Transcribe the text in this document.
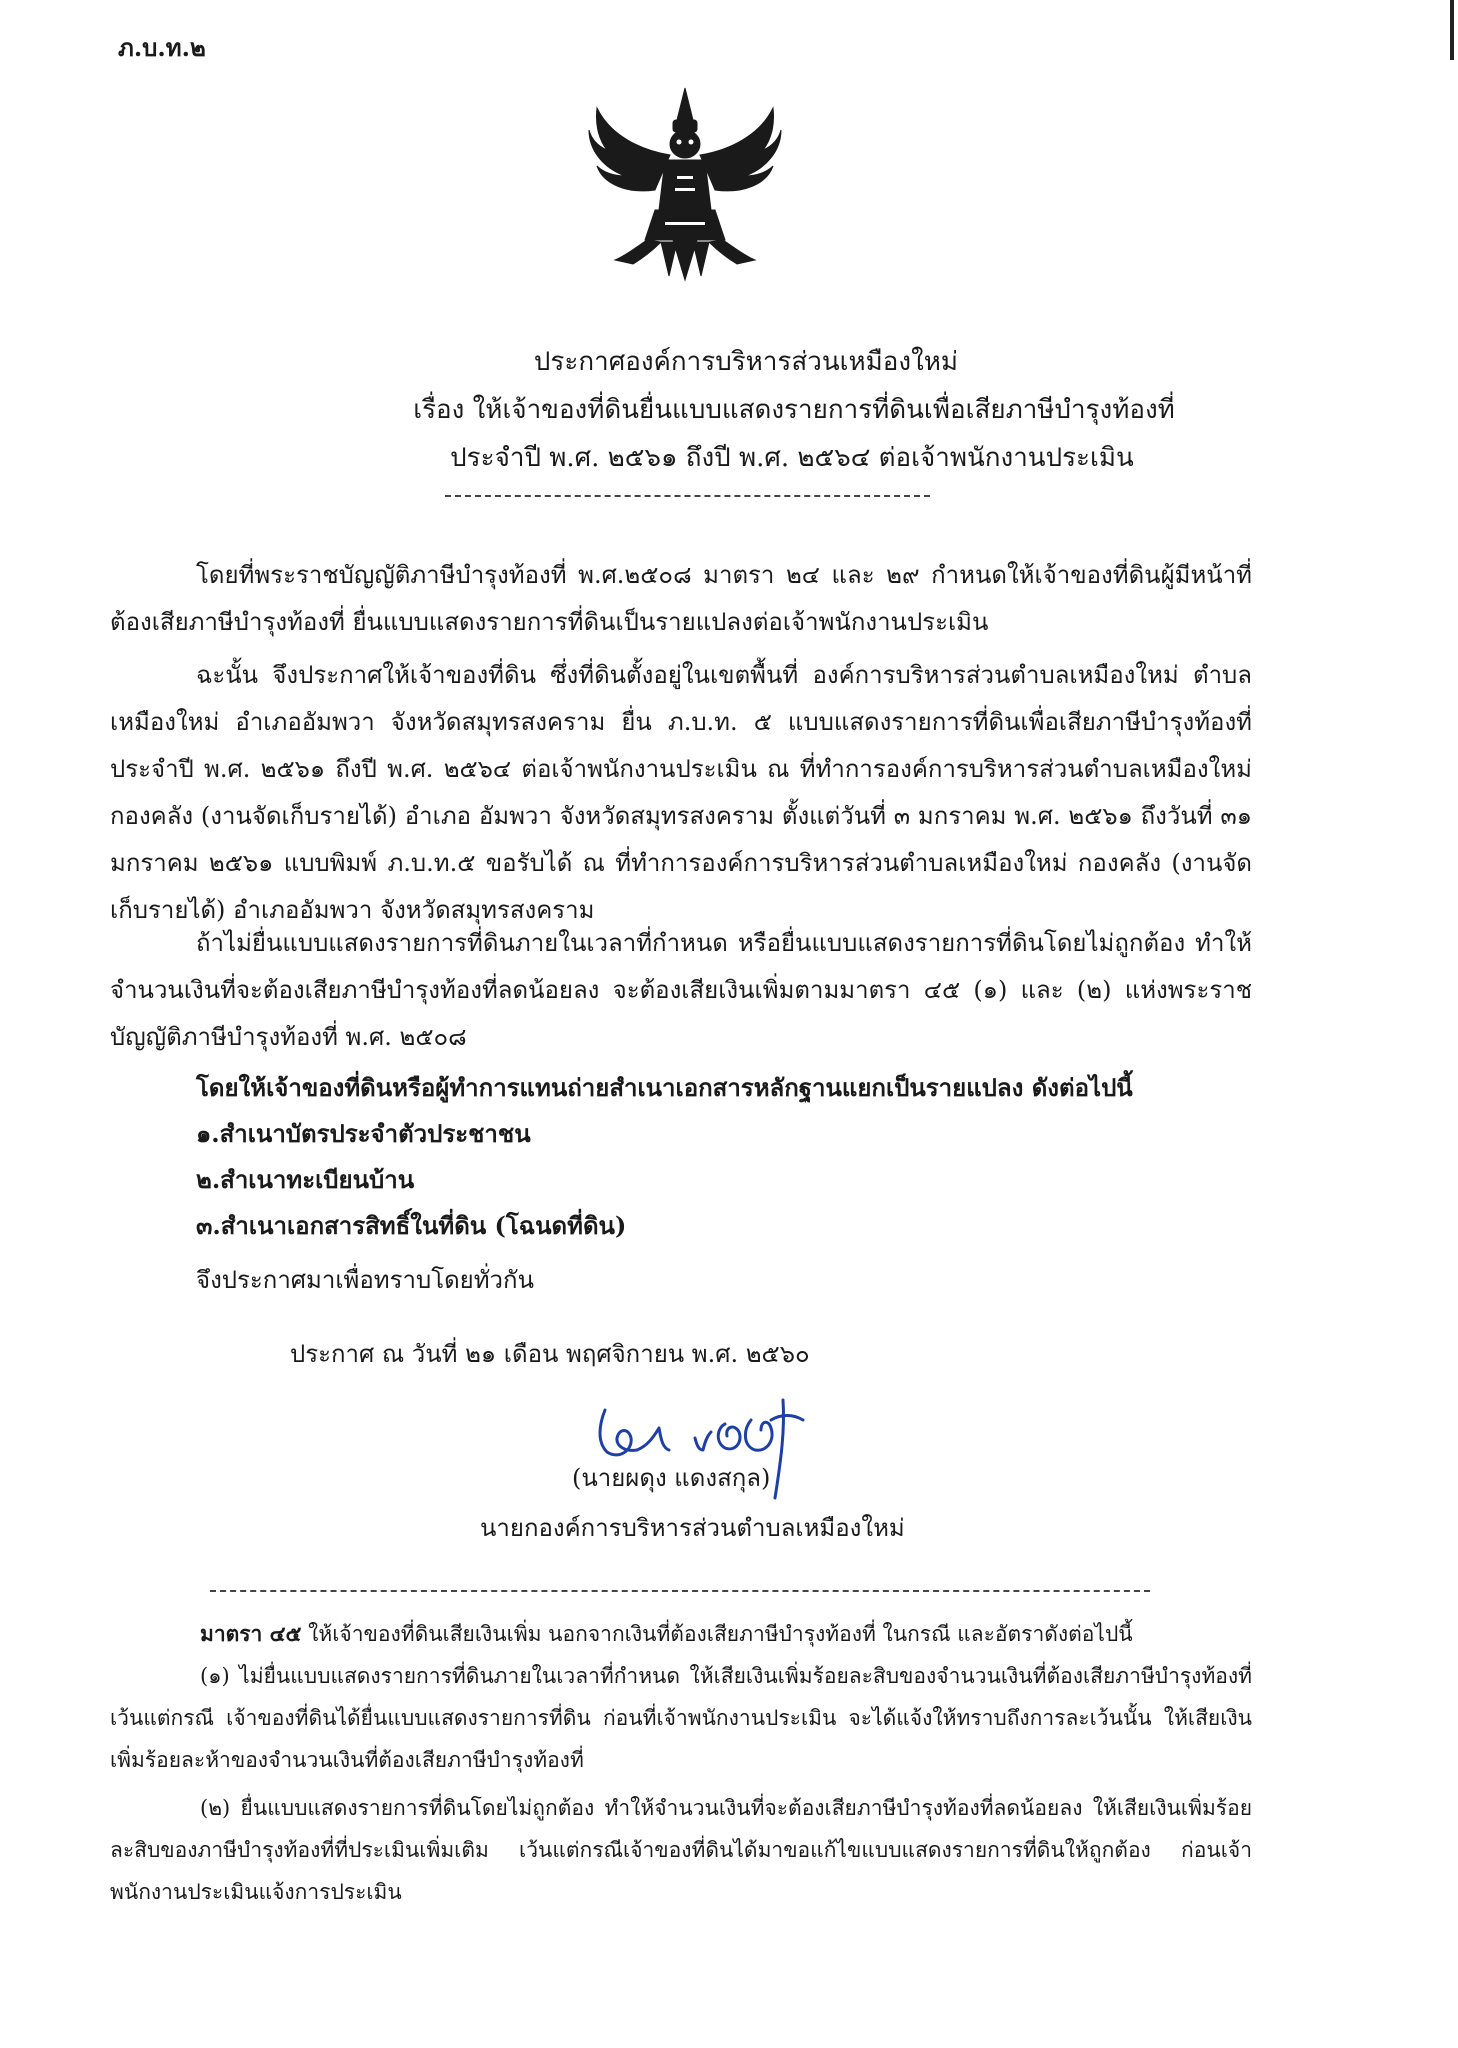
ภ.บ.ท.๒

ประกาศองค์การบริหารส่วนเหมืองใหม่

เรื่อง ให้เจ้าของที่ดินยื่นแบบแสดงรายการที่ดินเพื่อเสียภาษีบำรุงท้องที่

ประจำปี พ.ศ. ๒๕๖๑ ถึงปี พ.ศ. ๒๕๖๔ ต่อเจ้าพนักงานประเมิน

โดยที่พระราชบัญญัติภาษีบำรุงท้องที่ พ.ศ.๒๕๐๘ มาตรา ๒๔ และ ๒๙ กำหนดให้เจ้าของที่ดินผู้มีหน้าที่ต้องเสียภาษีบำรุงท้องที่ ยื่นแบบแสดงรายการที่ดินเป็นรายแปลงต่อเจ้าพนักงานประเมิน

ฉะนั้น จึงประกาศให้เจ้าของที่ดิน ซึ่งที่ดินตั้งอยู่ในเขตพื้นที่ องค์การบริหารส่วนตำบลเหมืองใหม่ ตำบลเหมืองใหม่ อำเภออัมพวา จังหวัดสมุทรสงคราม ยื่น ภ.บ.ท. ๕ แบบแสดงรายการที่ดินเพื่อเสียภาษีบำรุงท้องที่ ประจำปี พ.ศ. ๒๕๖๑ ถึงปี พ.ศ. ๒๕๖๔ ต่อเจ้าพนักงานประเมิน ณ ที่ทำการองค์การบริหารส่วนตำบลเหมืองใหม่ กองคลัง (งานจัดเก็บรายได้) อำเภอ อัมพวา จังหวัดสมุทรสงคราม ตั้งแต่วันที่ ๓ มกราคม พ.ศ. ๒๕๖๑ ถึงวันที่ ๓๑ มกราคม ๒๕๖๑ แบบพิมพ์ ภ.บ.ท.๕ ขอรับได้ ณ ที่ทำการองค์การบริหารส่วนตำบลเหมืองใหม่ กองคลัง (งานจัดเก็บรายได้) อำเภออัมพวา จังหวัดสมุทรสงคราม

ถ้าไม่ยื่นแบบแสดงรายการที่ดินภายในเวลาที่กำหนด หรือยื่นแบบแสดงรายการที่ดินโดยไม่ถูกต้อง ทำให้จำนวนเงินที่จะต้องเสียภาษีบำรุงท้องที่ลดน้อยลง จะต้องเสียเงินเพิ่มตามมาตรา ๔๕ (๑) และ (๒) แห่งพระราชบัญญัติภาษีบำรุงท้องที่ พ.ศ. ๒๕๐๘

โดยให้เจ้าของที่ดินหรือผู้ทำการแทนถ่ายสำเนาเอกสารหลักฐานแยกเป็นรายแปลง ดังต่อไปนี้

๑.สำเนาบัตรประจำตัวประชาชน

๒.สำเนาทะเบียนบ้าน

๓.สำเนาเอกสารสิทธิ์ในที่ดิน (โฉนดที่ดิน)

จึงประกาศมาเพื่อทราบโดยทั่วกัน
ประกาศ ณ วันที่ ๒๑ เดือน พฤศจิกายน พ.ศ. ๒๕๖๐
(นายผดุง แดงสกุล)
นายกองค์การบริหารส่วนตำบลเหมืองใหม่

มาตรา ๔๕ ให้เจ้าของที่ดินเสียเงินเพิ่ม นอกจากเงินที่ต้องเสียภาษีบำรุงท้องที่ ในกรณี และอัตราดังต่อไปนี้

(๑) ไม่ยื่นแบบแสดงรายการที่ดินภายในเวลาที่กำหนด ให้เสียเงินเพิ่มร้อยละสิบของจำนวนเงินที่ต้องเสียภาษีบำรุงท้องที่ เว้นแต่กรณี เจ้าของที่ดินได้ยื่นแบบแสดงรายการที่ดิน ก่อนที่เจ้าพนักงานประเมิน จะได้แจ้งให้ทราบถึงการละเว้นนั้น ให้เสียเงินเพิ่มร้อยละห้าของจำนวนเงินที่ต้องเสียภาษีบำรุงท้องที่

(๒) ยื่นแบบแสดงรายการที่ดินโดยไม่ถูกต้อง ทำให้จำนวนเงินที่จะต้องเสียภาษีบำรุงท้องที่ลดน้อยลง ให้เสียเงินเพิ่มร้อยละสิบของภาษีบำรุงท้องที่ที่ประเมินเพิ่มเติม เว้นแต่กรณีเจ้าของที่ดินได้มาขอแก้ไขแบบแสดงรายการที่ดินให้ถูกต้อง ก่อนเจ้าพนักงานประเมินแจ้งการประเมิน
